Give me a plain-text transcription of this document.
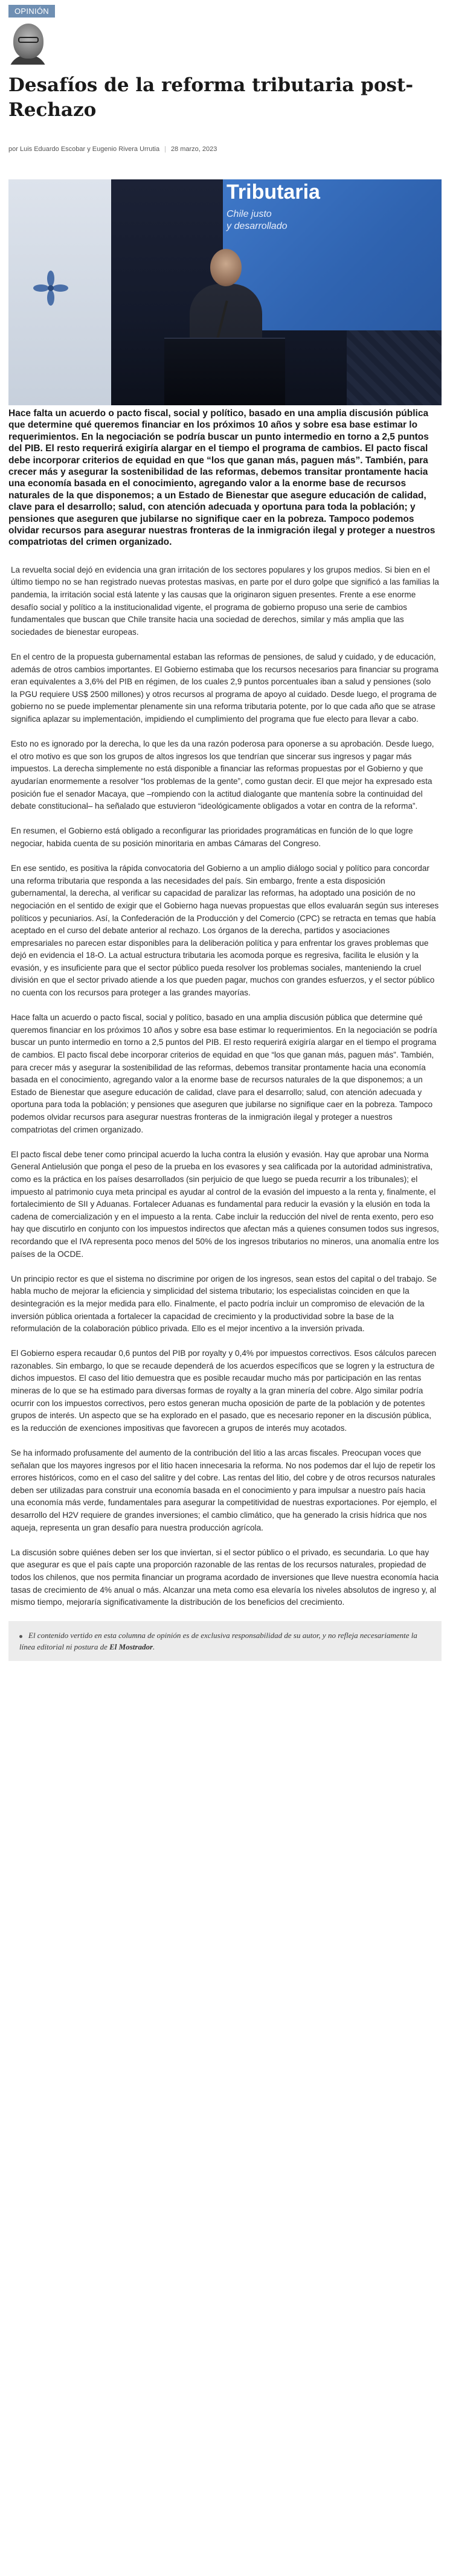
OPINIÓN
Desafíos de la reforma tributaria post-Rechazo
por Luis Eduardo Escobar y Eugenio Rivera Urrutia | 28 marzo, 2023
Tributaria
Chile justo
y desarrollado

Hace falta un acuerdo o pacto fiscal, social y político, basado en una amplia discusión pública que determine qué queremos financiar en los próximos 10 años y sobre esa base estimar lo requerimientos. En la negociación se podría buscar un punto intermedio en torno a 2,5 puntos del PIB. El resto requerirá exigiría alargar en el tiempo el programa de cambios. El pacto fiscal debe incorporar criterios de equidad en que “los que ganan más, paguen más”. También, para crecer más y asegurar la sostenibilidad de las reformas, debemos transitar prontamente hacia una economía basada en el conocimiento, agregando valor a la enorme base de recursos naturales de la que disponemos; a un Estado de Bienestar que asegure educación de calidad, clave para el desarrollo; salud, con atención adecuada y oportuna para toda la población; y pensiones que aseguren que jubilarse no signifique caer en la pobreza. Tampoco podemos olvidar recursos para asegurar nuestras fronteras de la inmigración ilegal y proteger a nuestros compatriotas del crimen organizado.

La revuelta social dejó en evidencia una gran irritación de los sectores populares y los grupos medios. Si bien en el último tiempo no se han registrado nuevas protestas masivas, en parte por el duro golpe que significó a las familias la pandemia, la irritación social está latente y las causas que la originaron siguen presentes. Frente a ese enorme desafío social y político a la institucionalidad vigente, el programa de gobierno propuso una serie de cambios fundamentales que buscan que Chile transite hacia una sociedad de derechos, similar y más amplia que las sociedades de bienestar europeas.

En el centro de la propuesta gubernamental estaban las reformas de pensiones, de salud y cuidado, y de educación, además de otros cambios importantes. El Gobierno estimaba que los recursos necesarios para financiar su programa eran equivalentes a 3,6% del PIB en régimen, de los cuales 2,9 puntos porcentuales iban a salud y pensiones (solo la PGU requiere US$ 2500 millones) y otros recursos al programa de apoyo al cuidado. Desde luego, el programa de gobierno no se puede implementar plenamente sin una reforma tributaria potente, por lo que cada año que se atrase significa aplazar su implementación, impidiendo el cumplimiento del programa que fue electo para llevar a cabo.

Esto no es ignorado por la derecha, lo que les da una razón poderosa para oponerse a su aprobación. Desde luego, el otro motivo es que son los grupos de altos ingresos los que tendrían que sincerar sus ingresos y pagar más impuestos. La derecha simplemente no está disponible a financiar las reformas propuestas por el Gobierno y que ayudarían enormemente a resolver “los problemas de la gente”, como gustan decir. El que mejor ha expresado esta posición fue el senador Macaya, que –rompiendo con la actitud dialogante que mantenía sobre la continuidad del debate constitucional– ha señalado que estuvieron “ideológicamente obligados a votar en contra de la reforma”.

En resumen, el Gobierno está obligado a reconfigurar las prioridades programáticas en función de lo que logre negociar, habida cuenta de su posición minoritaria en ambas Cámaras del Congreso.

En ese sentido, es positiva la rápida convocatoria del Gobierno a un amplio diálogo social y político para concordar una reforma tributaria que responda a las necesidades del país. Sin embargo, frente a esta disposición gubernamental, la derecha, al verificar su capacidad de paralizar las reformas, ha adoptado una posición de no negociación en el sentido de exigir que el Gobierno haga nuevas propuestas que ellos evaluarán según sus intereses políticos y pecuniarios. Así, la Confederación de la Producción y del Comercio (CPC) se retracta en temas que había aceptado en el curso del debate anterior al rechazo. Los órganos de la derecha, partidos y asociaciones empresariales no parecen estar disponibles para la deliberación política y para enfrentar los graves problemas que dejó en evidencia el 18-O. La actual estructura tributaria les acomoda porque es regresiva, facilita le elusión y la evasión, y es insuficiente para que el sector público pueda resolver los problemas sociales, manteniendo la cruel división en que el sector privado atiende a los que pueden pagar, muchos con grandes esfuerzos, y el sector público no cuenta con los recursos para proteger a las grandes mayorías.

Hace falta un acuerdo o pacto fiscal, social y político, basado en una amplia discusión pública que determine qué queremos financiar en los próximos 10 años y sobre esa base estimar lo requerimientos. En la negociación se podría buscar un punto intermedio en torno a 2,5 puntos del PIB. El resto requerirá exigiría alargar en el tiempo el programa de cambios. El pacto fiscal debe incorporar criterios de equidad en que “los que ganan más, paguen más”. También, para crecer más y asegurar la sostenibilidad de las reformas, debemos transitar prontamente hacia una economía basada en el conocimiento, agregando valor a la enorme base de recursos naturales de la que disponemos; a un Estado de Bienestar que asegure educación de calidad, clave para el desarrollo; salud, con atención adecuada y oportuna para toda la población; y pensiones que aseguren que jubilarse no signifique caer en la pobreza. Tampoco podemos olvidar recursos para asegurar nuestras fronteras de la inmigración ilegal y proteger a nuestros compatriotas del crimen organizado.

El pacto fiscal debe tener como principal acuerdo la lucha contra la elusión y evasión. Hay que aprobar una Norma General Antielusión que ponga el peso de la prueba en los evasores y sea calificada por la autoridad administrativa, como es la práctica en los países desarrollados (sin perjuicio de que luego se pueda recurrir a los tribunales); el impuesto al patrimonio cuya meta principal es ayudar al control de la evasión del impuesto a la renta y, finalmente, el fortalecimiento de SII y Aduanas. Fortalecer Aduanas es fundamental para reducir la evasión y la elusión en toda la cadena de comercialización y en el impuesto a la renta. Cabe incluir la reducción del nivel de renta exento, pero eso hay que discutirlo en conjunto con los impuestos indirectos que afectan más a quienes consumen todos sus ingresos, recordando que el IVA representa poco menos del 50% de los ingresos tributarios no mineros, una anomalía entre los países de la OCDE.

Un principio rector es que el sistema no discrimine por origen de los ingresos, sean estos del capital o del trabajo. Se habla mucho de mejorar la eficiencia y simplicidad del sistema tributario; los especialistas coinciden en que la desintegración es la mejor medida para ello. Finalmente, el pacto podría incluir un compromiso de elevación de la inversión pública orientada a fortalecer la capacidad de crecimiento y la productividad sobre la base de la reformulación de la colaboración público privada. Ello es el mejor incentivo a la inversión privada.

El Gobierno espera recaudar 0,6 puntos del PIB por royalty y 0,4% por impuestos correctivos. Esos cálculos parecen razonables. Sin embargo, lo que se recaude dependerá de los acuerdos específicos que se logren y la estructura de dichos impuestos. El caso del litio demuestra que es posible recaudar mucho más por participación en las rentas mineras de lo que se ha estimado para diversas formas de royalty a la gran minería del cobre. Algo similar podría ocurrir con los impuestos correctivos, pero estos generan mucha oposición de parte de la población y de potentes grupos de interés. Un aspecto que se ha explorado en el pasado, que es necesario reponer en la discusión pública, es la reducción de exenciones impositivas que favorecen a grupos de interés muy acotados.

Se ha informado profusamente del aumento de la contribución del litio a las arcas fiscales. Preocupan voces que señalan que los mayores ingresos por el litio hacen innecesaria la reforma. No nos podemos dar el lujo de repetir los errores históricos, como en el caso del salitre y del cobre. Las rentas del litio, del cobre y de otros recursos naturales deben ser utilizadas para construir una economía basada en el conocimiento y para impulsar a nuestro país hacia una economía más verde, fundamentales para asegurar la competitividad de nuestras exportaciones. Por ejemplo, el desarrollo del H2V requiere de grandes inversiones; el cambio climático, que ha generado la crisis hídrica que nos aqueja, representa un gran desafío para nuestra producción agrícola.

La discusión sobre quiénes deben ser los que inviertan, si el sector público o el privado, es secundaria. Lo que hay que asegurar es que el país capte una proporción razonable de las rentas de los recursos naturales, propiedad de todos los chilenos, que nos permita financiar un programa acordado de inversiones que lleve nuestra economía hacia tasas de crecimiento de 4% anual o más. Alcanzar una meta como esa elevaría los niveles absolutos de ingreso y, al mismo tiempo, mejoraría significativamente la distribución de los beneficios del crecimiento.

El contenido vertido en esta columna de opinión es de exclusiva responsabilidad de su autor, y no refleja necesariamente la línea editorial ni postura de El Mostrador.
